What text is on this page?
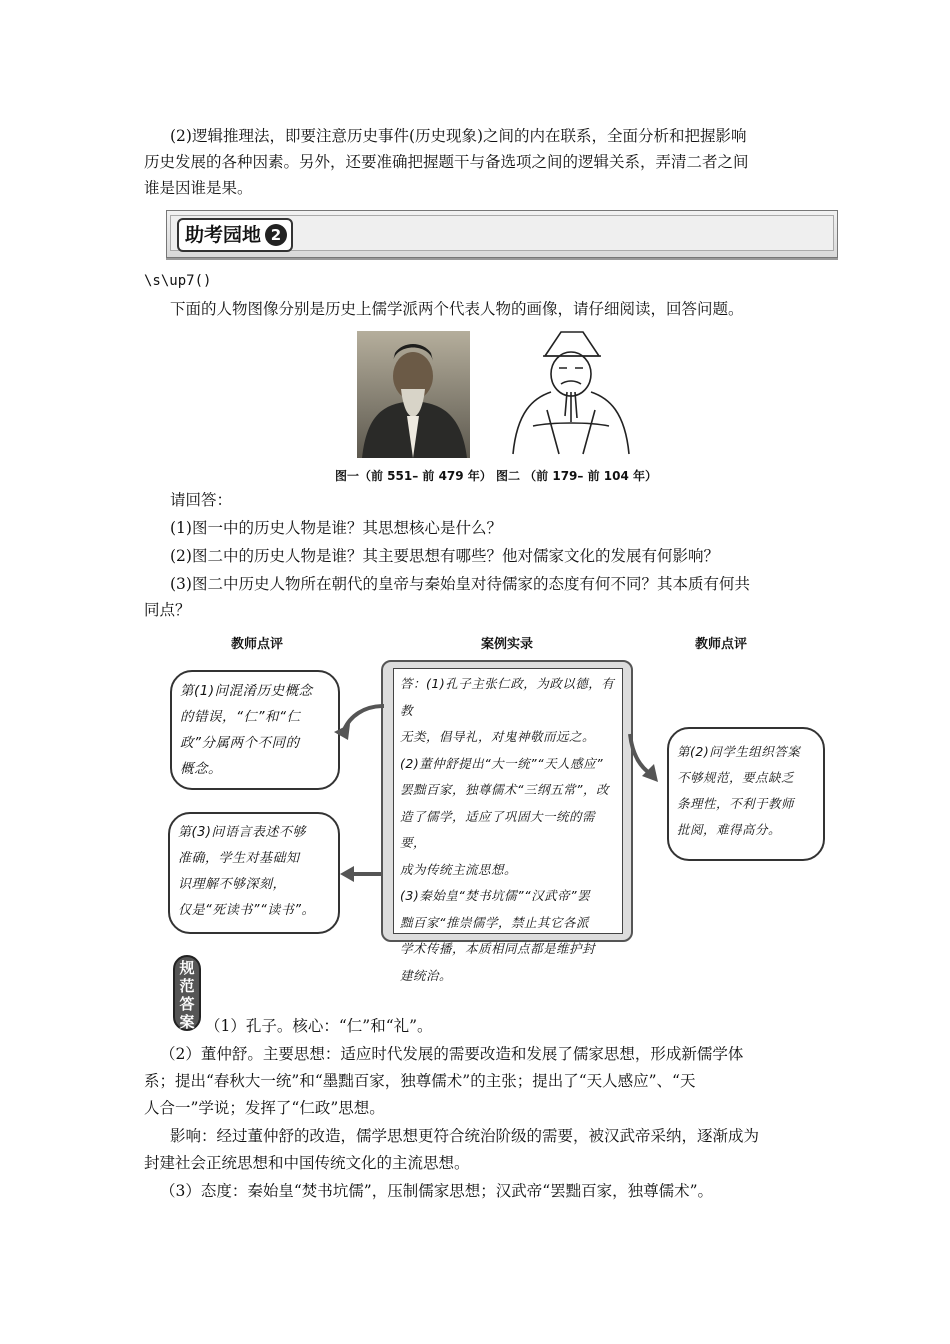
(2)逻辑推理法，即要注意历史事件(历史现象)之间的内在联系，全面分析和把握影响
历史发展的各种因素。另外，还要准确把握题干与备选项之间的逻辑关系，弄清二者之间
谁是因谁是果。
助考园地 2
\s\up7()
下面的人物图像分别是历史上儒学派两个代表人物的画像，请仔细阅读，回答问题。
图一（前 551– 前 479 年） 图二 （前 179– 前 104 年）
请回答：
(1)图一中的历史人物是谁？其思想核心是什么？
(2)图二中的历史人物是谁？其主要思想有哪些？他对儒家文化的发展有何影响？
(3)图二中历史人物所在朝代的皇帝与秦始皇对待儒家的态度有何不同？其本质有何共
同点？
教师点评	案例实录	教师点评
第(1)问混淆历史概念
的错误，“仁”和“仁
政”分属两个不同的
概念。
第(3)问语言表述不够
准确，学生对基础知
识理解不够深刻，
仅是“死读书”“读书”。
第(2)问学生组织答案
不够规范，要点缺乏
条理性，不利于教师
批阅，难得高分。
答：(1)孔子主张仁政，为政以德，有教
无类，倡导礼，对鬼神敬而远之。
(2)董仲舒提出“大一统”“天人感应”
罢黜百家，独尊儒术“三纲五常”，改
造了儒学，适应了巩固大一统的需要，
成为传统主流思想。
(3)秦始皇“焚书坑儒”“汉武帝”罢
黜百家“推崇儒学，禁止其它各派
学术传播，本质相同点都是维护封
建统治。
规范答案 （1）孔子。核心：“仁”和“礼”。
（2）董仲舒。主要思想：适应时代发展的需要改造和发展了儒家思想，形成新儒学体
系；提出“春秋大一统”和“墨黜百家，独尊儒术”的主张；提出了“天人感应”、“天
人合一”学说；发挥了“仁政”思想。
影响：经过董仲舒的改造，儒学思想更符合统治阶级的需要，被汉武帝采纳，逐渐成为
封建社会正统思想和中国传统文化的主流思想。
（3）态度：秦始皇“焚书坑儒”，压制儒家思想；汉武帝“罢黜百家，独尊儒术”。
